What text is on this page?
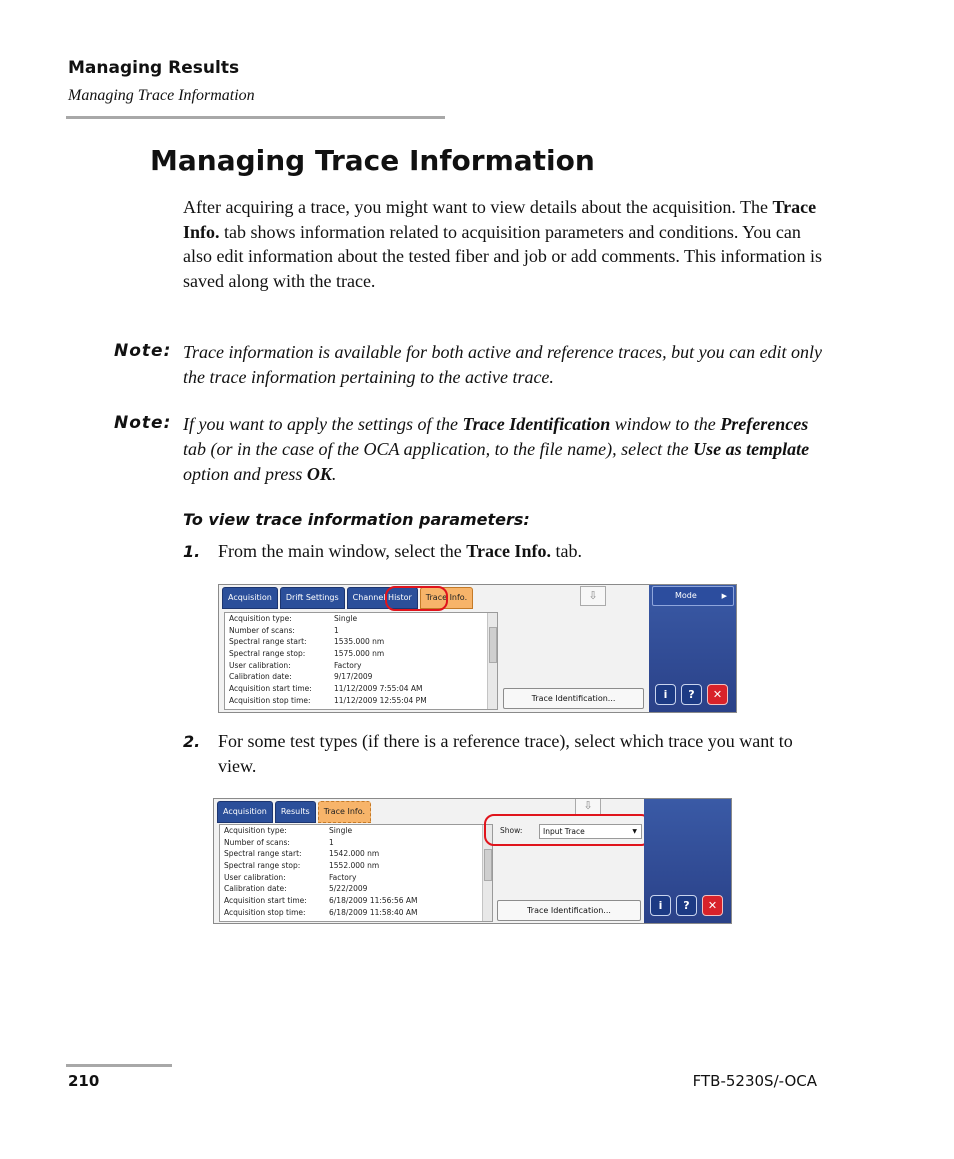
Managing Results
Managing Trace Information
Managing Trace Information
After acquiring a trace, you might want to view details about the acquisition. The Trace Info. tab shows information related to acquisition parameters and conditions. You can also edit information about the tested fiber and job or add comments. This information is saved along with the trace.
Note: Trace information is available for both active and reference traces, but you can edit only the trace information pertaining to the active trace.
Note: If you want to apply the settings of the Trace Identification window to the Preferences tab (or in the case of the OCA application, to the file name), select the Use as template option and press OK.
To view trace information parameters:
1. From the main window, select the Trace Info. tab.
Acquisition	Drift Settings	Channel Histor	Trace Info.	⇩
Acquisition type:	Single
Number of scans:	1
Spectral range start:	1535.000 nm
Spectral range stop:	1575.000 nm
User calibration:	Factory
Calibration date:	9/17/2009
Acquisition start time:	11/12/2009 7:55:04 AM
Acquisition stop time:	11/12/2009 12:55:04 PM	Trace Identification...
Mode	▶
i	?	✕
2. For some test types (if there is a reference trace), select which trace you want to view.
Acquisition	Results	Trace Info.	⇩
Acquisition type:	Single
Number of scans:	1
Spectral range start:	1542.000 nm
Spectral range stop:	1552.000 nm
User calibration:	Factory
Calibration date:	5/22/2009
Acquisition start time:	6/18/2009 11:56:56 AM
Acquisition stop time:	6/18/2009 11:58:40 AM
Show:	Input Trace	▼
Trace Identification...	i	?	✕
210	FTB-5230S/-OCA
